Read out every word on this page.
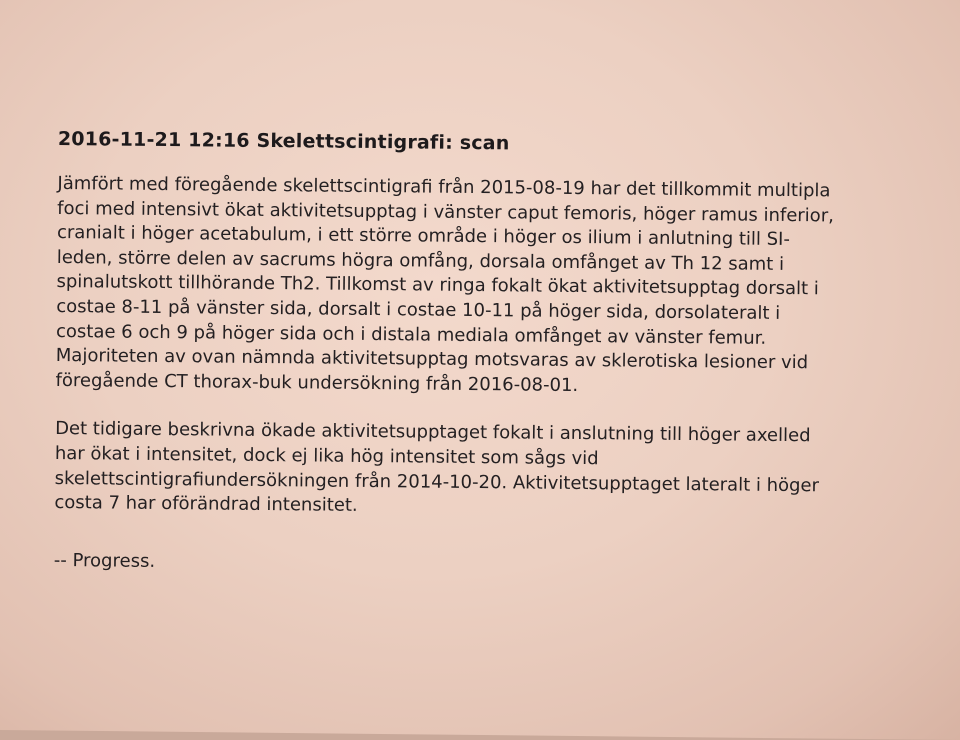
2016-11-21 12:16 Skelettscintigrafi: scan

Jämfört med föregående skelettscintigrafi från 2015-08-19 har det tillkommit multipla
foci med intensivt ökat aktivitetsupptag i vänster caput femoris, höger ramus inferior,
cranialt i höger acetabulum, i ett större område i höger os ilium i anlutning till SI-
leden, större delen av sacrums högra omfång, dorsala omfånget av Th 12 samt i
spinalutskott tillhörande Th2. Tillkomst av ringa fokalt ökat aktivitetsupptag dorsalt i
costae 8-11 på vänster sida, dorsalt i costae 10-11 på höger sida, dorsolateralt i
costae 6 och 9 på höger sida och i distala mediala omfånget av vänster femur.
Majoriteten av ovan nämnda aktivitetsupptag motsvaras av sklerotiska lesioner vid
föregående CT thorax-buk undersökning från 2016-08-01.

Det tidigare beskrivna ökade aktivitetsupptaget fokalt i anslutning till höger axelled
har ökat i intensitet, dock ej lika hög intensitet som sågs vid
skelettscintigrafiundersökningen från 2014-10-20. Aktivitetsupptaget lateralt i höger
costa 7 har oförändrad intensitet.

-- Progress.
